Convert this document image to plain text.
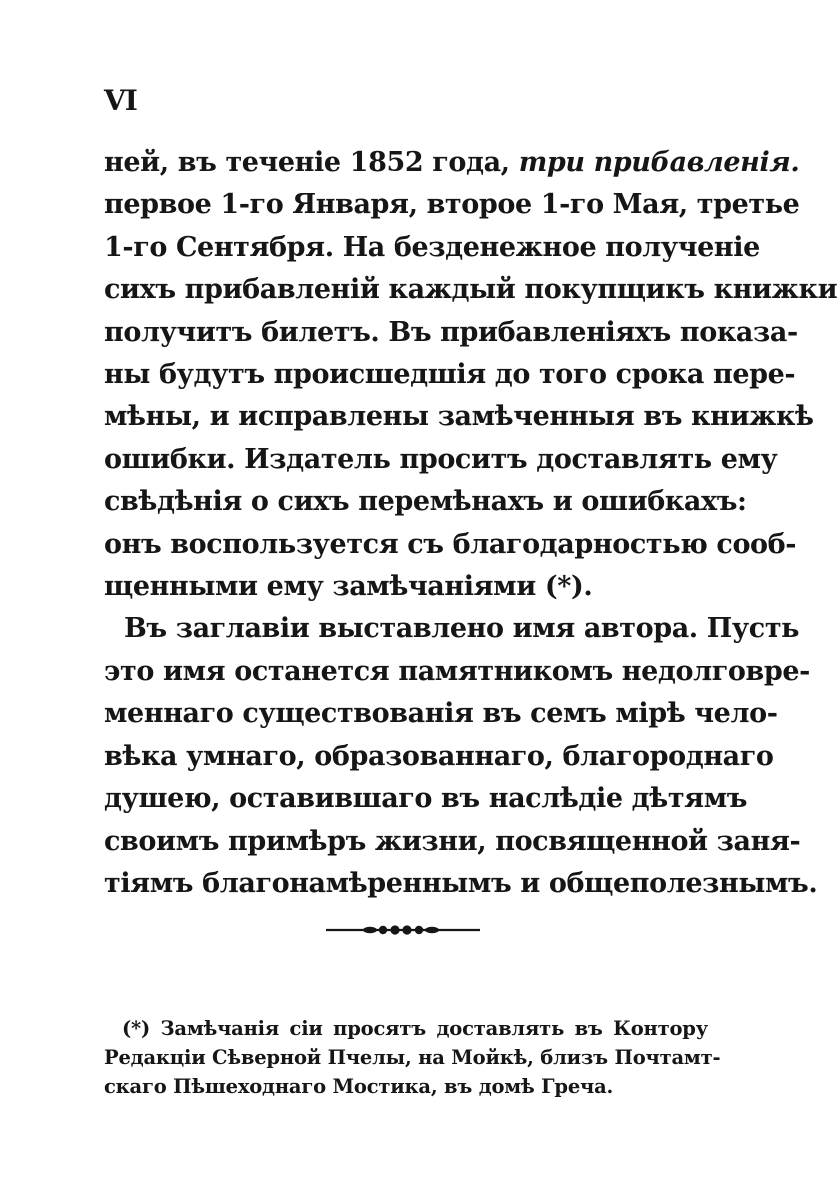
VI
ней, въ теченіе 1852 года, три прибавленія.
первое 1-го Января, второе 1-го Мая, третье
1-го Сентября. На безденежное полученіе
сихъ прибавленій каждый покупщикъ книжки
получитъ билетъ. Въ прибавленіяхъ показа-
ны будутъ происшедшія до того срока пере-
мѣны, и исправлены замѣченныя въ книжкѣ
ошибки. Издатель проситъ доставлять ему
свѣдѣнія о сихъ перемѣнахъ и ошибкахъ:
онъ воспользуется съ благодарностью сооб-
щенными ему замѣчаніями (*).
Въ заглавіи выставлено имя автора. Пусть
это имя останется памятникомъ недолговре-
меннаго существованія въ семъ мірѣ чело-
вѣка умнаго, образованнаго, благороднаго
душею, оставившаго въ наслѣдіе дѣтямъ
своимъ примѣръ жизни, посвященной заня-
тіямъ благонамѣреннымъ и общеполезнымъ.
(*) Замѣчанія сіи просятъ доставлять въ Контору
Редакціи Сѣверной Пчелы, на Мойкѣ, близъ Почтамт-
скаго Пѣшеходнаго Мостика, въ домѣ Греча.
